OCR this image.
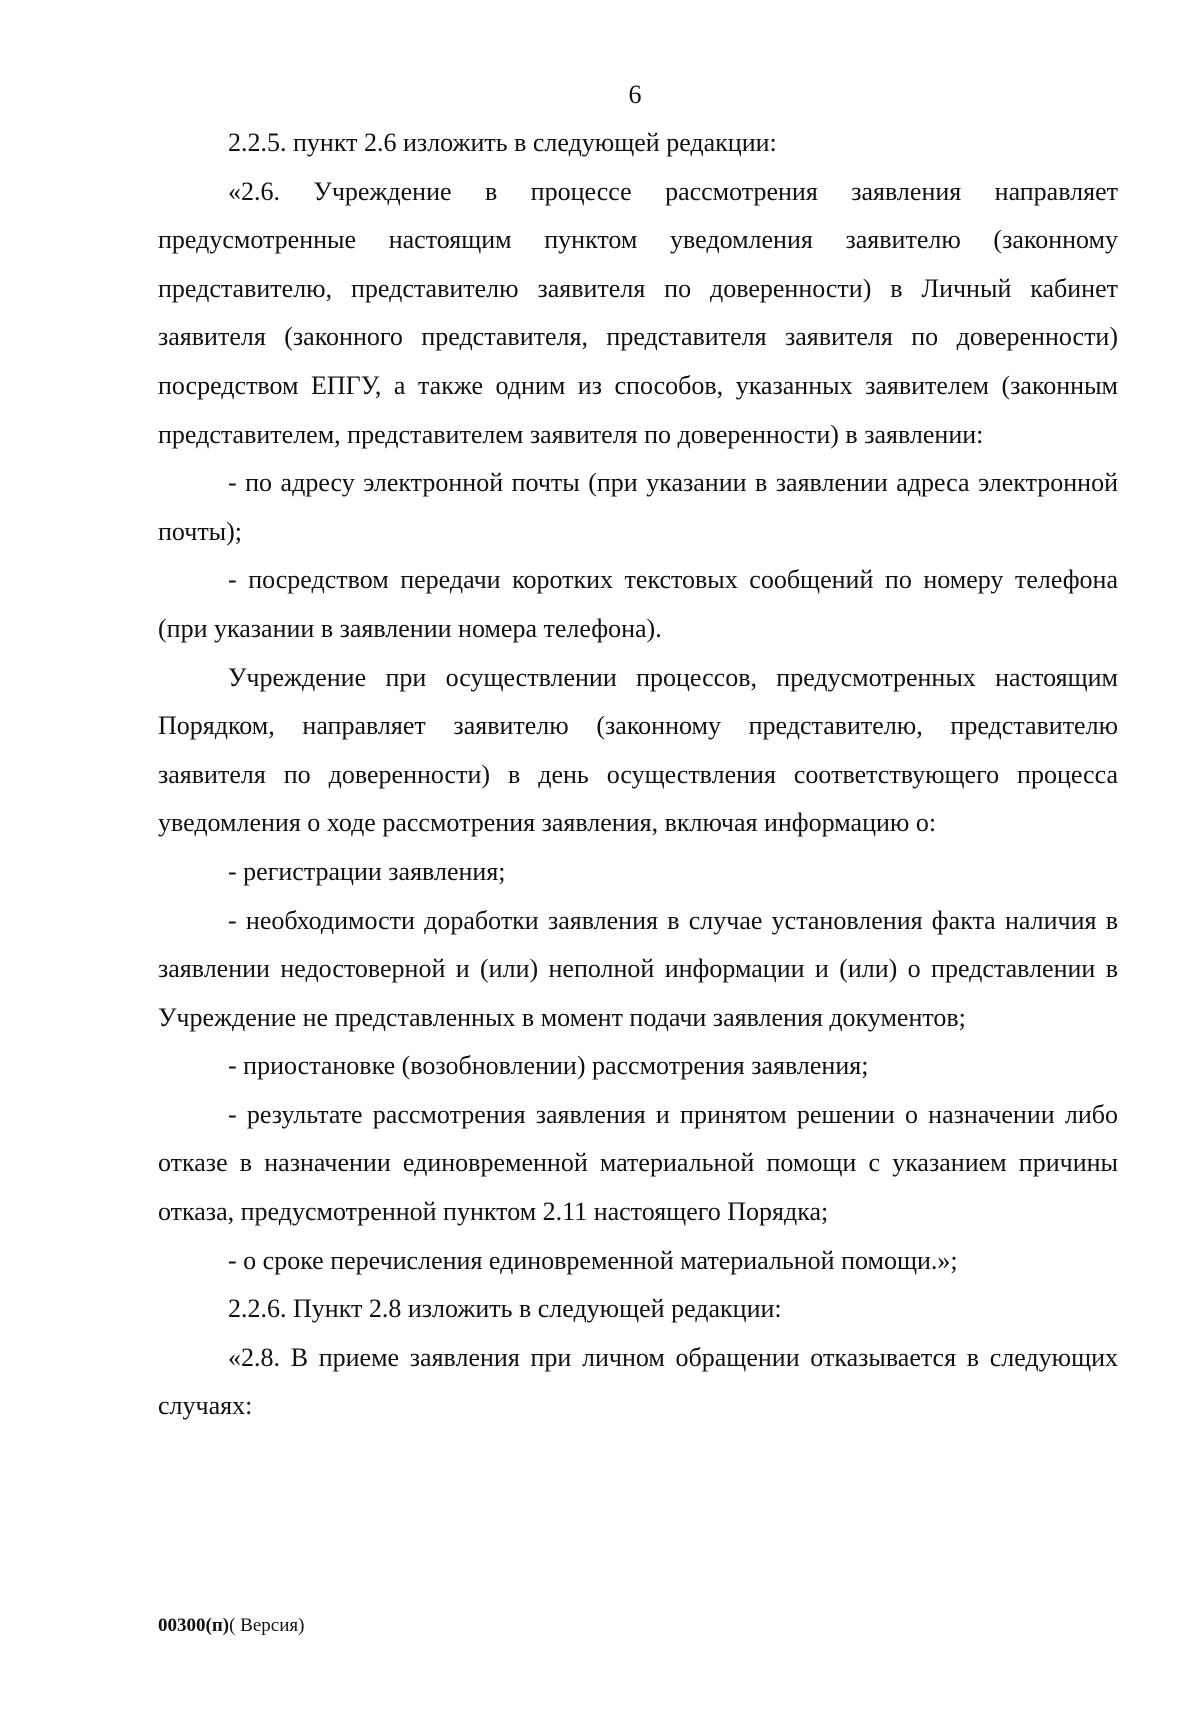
6

2.2.5. пункт 2.6 изложить в следующей редакции:

«2.6. Учреждение в процессе рассмотрения заявления направляет предусмотренные настоящим пунктом уведомления заявителю (законному представителю, представителю заявителя по доверенности) в Личный кабинет заявителя (законного представителя, представителя заявителя по доверенности) посредством ЕПГУ, а также одним из способов, указанных заявителем (законным представителем, представителем заявителя по доверенности) в заявлении:

- по адресу электронной почты (при указании в заявлении адреса электронной почты);

- посредством передачи коротких текстовых сообщений по номеру телефона (при указании в заявлении номера телефона).

Учреждение при осуществлении процессов, предусмотренных настоящим Порядком, направляет заявителю (законному представителю, представителю заявителя по доверенности) в день осуществления соответствующего процесса уведомления о ходе рассмотрения заявления, включая информацию о:

- регистрации заявления;

- необходимости доработки заявления в случае установления факта наличия в заявлении недостоверной и (или) неполной информации и (или) о представлении в Учреждение не представленных в момент подачи заявления документов;

- приостановке (возобновлении) рассмотрения заявления;

- результате рассмотрения заявления и принятом решении о назначении либо отказе в назначении единовременной материальной помощи с указанием причины отказа, предусмотренной пунктом 2.11 настоящего Порядка;

- о сроке перечисления единовременной материальной помощи.»;

2.2.6. Пункт 2.8 изложить в следующей редакции:

«2.8. В приеме заявления при личном обращении отказывается в следующих случаях:

00300(п)( Версия)
